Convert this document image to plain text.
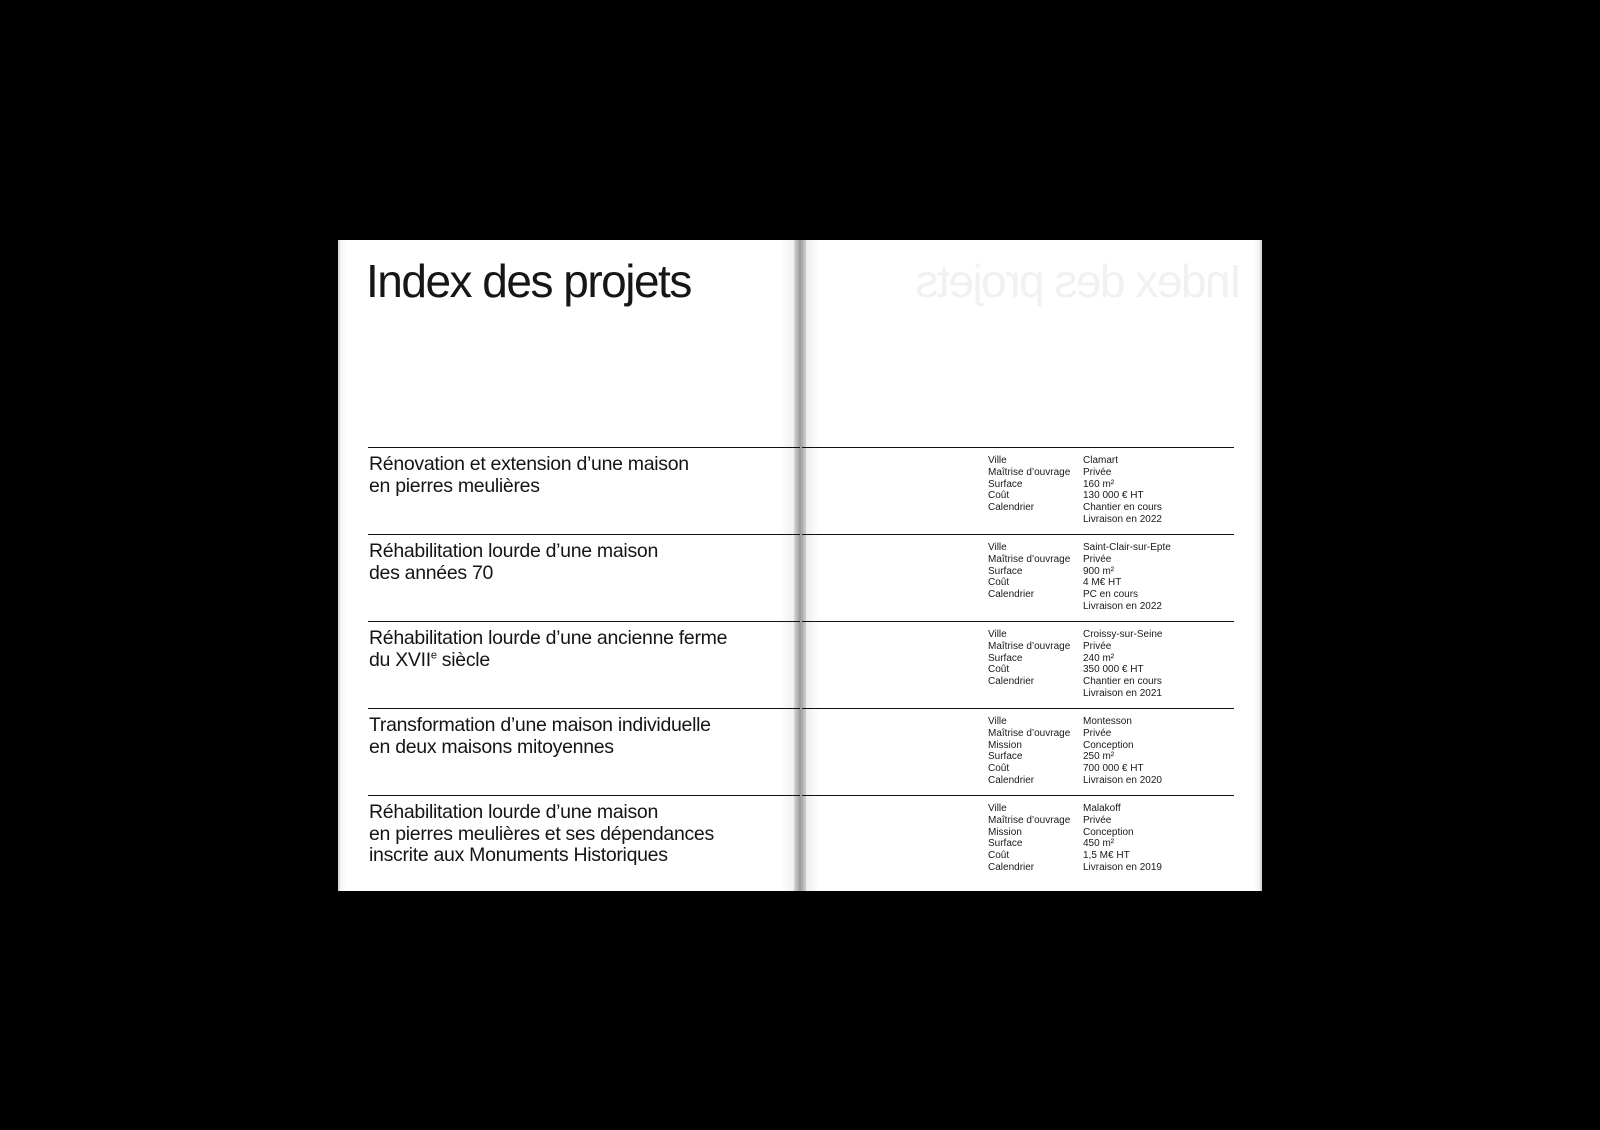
Index des projets
Index des projets

Rénovation et extension d’une maison
en pierres meulières

Ville	Clamart
Maîtrise d’ouvrage	Privée
Surface	160 m²
Coût	130 000 € HT
Calendrier	Chantier en cours
Livraison en 2022

Réhabilitation lourde d’une maison
des années 70

Ville	Saint-Clair-sur-Epte
Maîtrise d’ouvrage	Privée
Surface	900 m²
Coût	4 M€ HT
Calendrier	PC en cours
Livraison en 2022

Réhabilitation lourde d’une ancienne ferme
du XVIIe siècle

Ville	Croissy-sur-Seine
Maîtrise d’ouvrage	Privée
Surface	240 m²
Coût	350 000 € HT
Calendrier	Chantier en cours
Livraison en 2021

Transformation d’une maison individuelle
en deux maisons mitoyennes

Ville	Montesson
Maîtrise d’ouvrage	Privée
Mission	Conception
Surface	250 m²
Coût	700 000 € HT
Calendrier	Livraison en 2020

Réhabilitation lourde d’une maison
en pierres meulières et ses dépendances
inscrite aux Monuments Historiques

Ville	Malakoff
Maîtrise d’ouvrage	Privée
Mission	Conception
Surface	450 m²
Coût	1,5 M€ HT
Calendrier	Livraison en 2019
